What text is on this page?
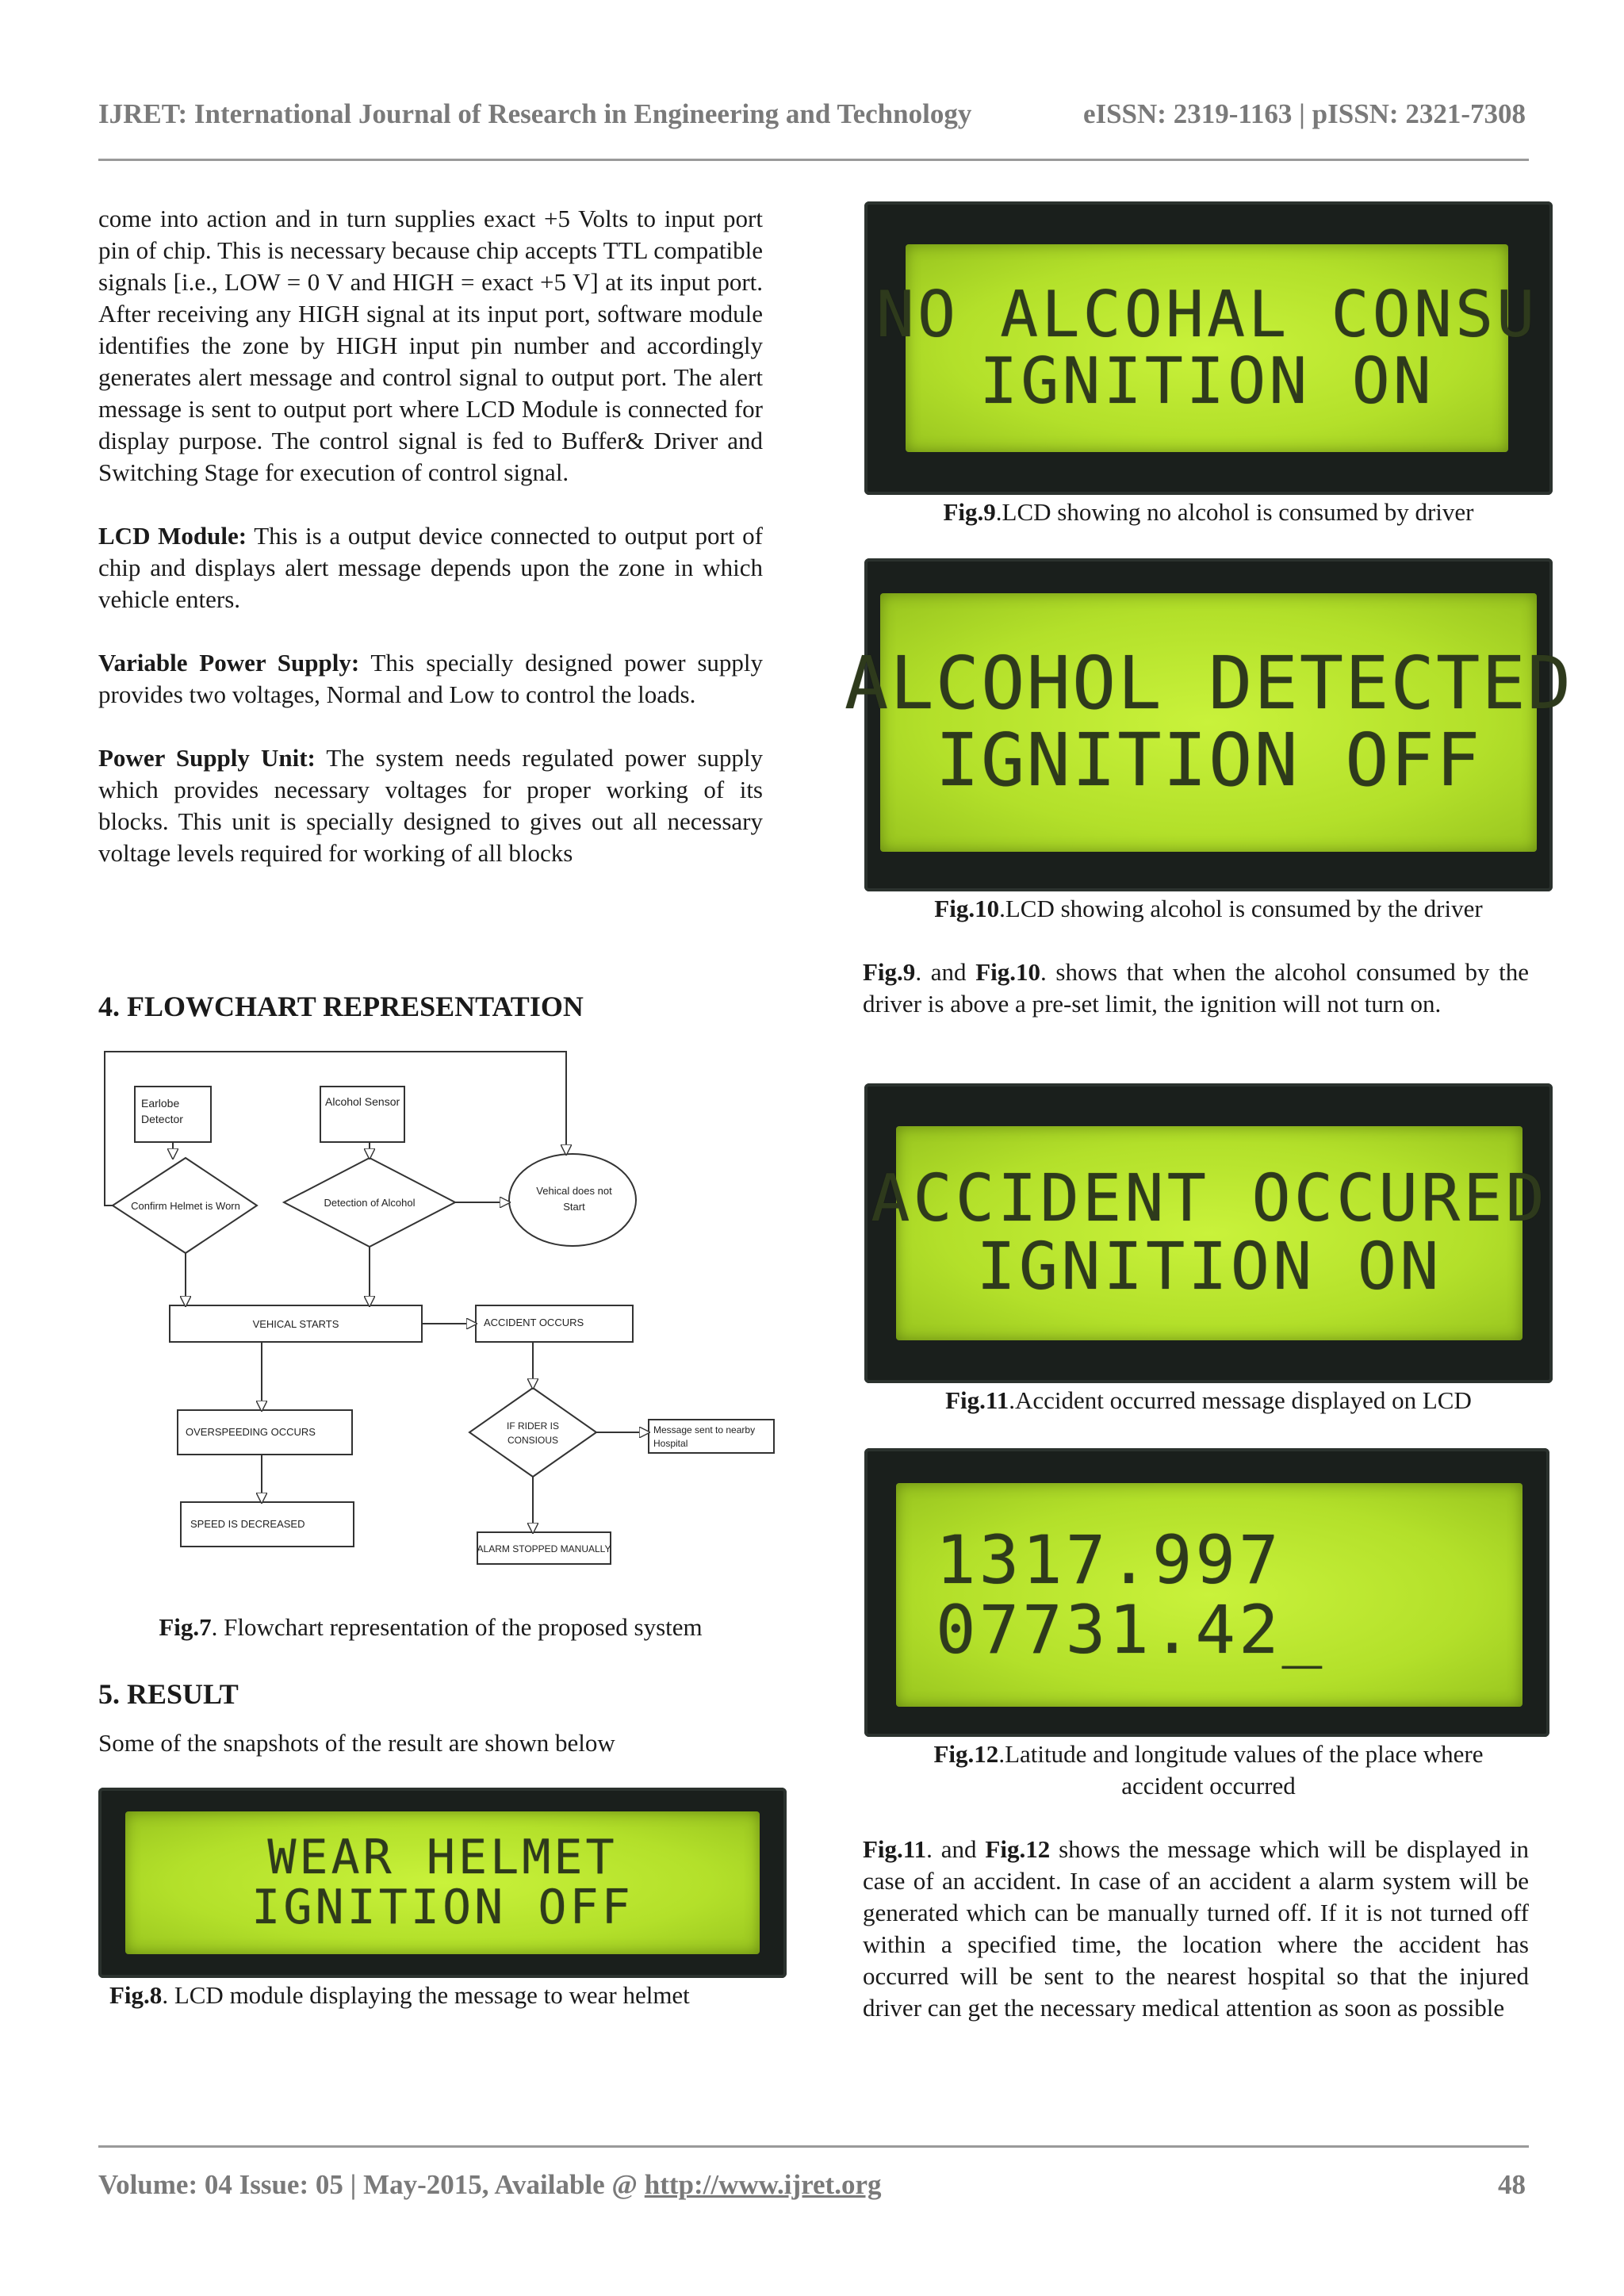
IJRET: International Journal of Research in Engineering and Technology	eISSN: 2319-1163 | pISSN: 2321-7308

come into action and in turn supplies exact +5 Volts to input port pin of chip. This is necessary because chip accepts TTL compatible signals [i.e., LOW = 0 V and HIGH = exact +5 V] at its input port. After receiving any HIGH signal at its input port, software module identifies the zone by HIGH input pin number and accordingly generates alert message and control signal to output port. The alert message is sent to output port where LCD Module is connected for display purpose. The control signal is fed to Buffer& Driver and Switching Stage for execution of control signal.

LCD Module: This is a output device connected to output port of chip and displays alert message depends upon the zone in which vehicle enters.

Variable Power Supply: This specially designed power supply provides two voltages, Normal and Low to control the loads.

Power Supply Unit: The system needs regulated power supply which provides necessary voltages for proper working of its blocks. This unit is specially designed to gives out all necessary voltage levels required for working of all blocks

4. FLOWCHART REPRESENTATION
Earlobe
Detector
Alcohol Sensor
Confirm Helmet is Worn	Detection of Alcohol
Vehical does not
Start
VEHICAL STARTS	ACCIDENT OCCURS
OVERSPEEDING OCCURS	IF RIDER IS
CONSIOUS
Message sent to nearby
Hospital
SPEED IS DECREASED
ALARM STOPPED MANUALLY
Fig.7. Flowchart representation of the proposed system
5. RESULT
Some of the snapshots of the result are shown below
WEAR HELMET
IGNITION OFF
Fig.8. LCD module displaying the message to wear helmet
NO ALCOHAL CONSU
IGNITION ON
Fig.9.LCD showing no alcohol is consumed by driver
ALCOHOL DETECTED
IGNITION OFF
Fig.10.LCD showing alcohol is consumed by the driver

Fig.9. and Fig.10. shows that when the alcohol consumed by the driver is above a pre-set limit, the ignition will not turn on.

ACCIDENT OCCURED
IGNITION ON
Fig.11.Accident occurred message displayed on LCD
1317.997
07731.42_
Fig.12.Latitude and longitude values of the place where
accident occurred

Fig.11. and Fig.12 shows the message which will be displayed in case of an accident. In case of an accident a alarm system will be generated which can be manually turned off. If it is not turned off within a specified time, the location where the accident has occurred will be sent to the nearest hospital so that the injured driver can get the necessary medical attention as soon as possible

Volume: 04 Issue: 05 | May-2015, Available @ http://www.ijret.org	48
